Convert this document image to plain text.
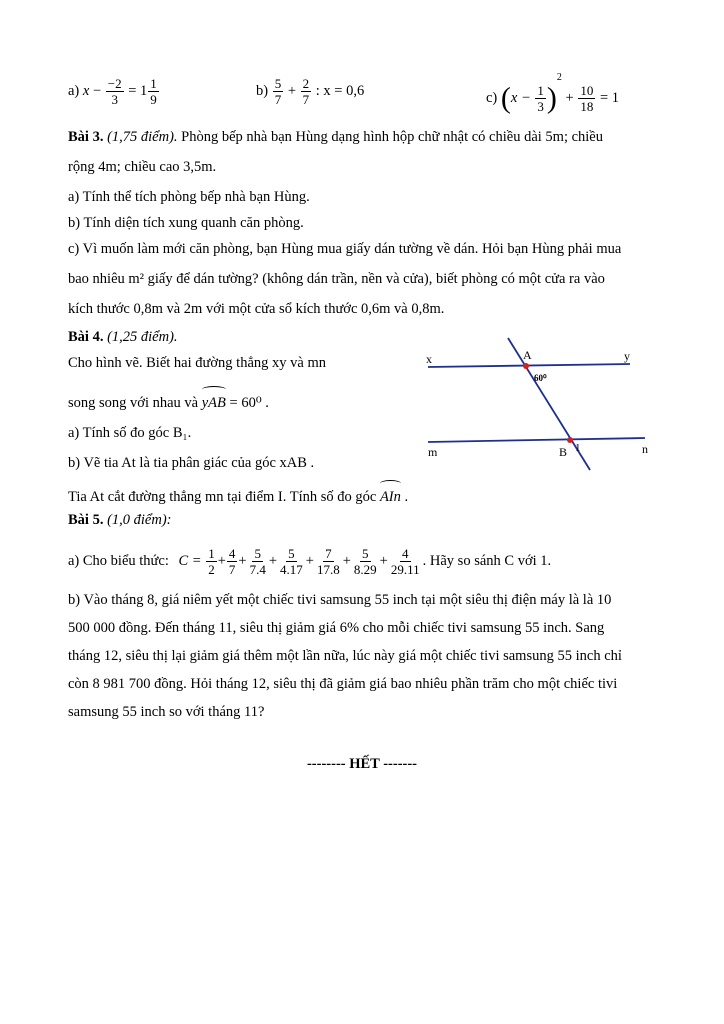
a) $x - \frac{-2}{3} = 1 \frac{1}{9}$	$b) \frac{5}{7} + \frac{2}{7}$ : x = 0,6	c) $(x - \frac{1}{3} )^2 + \frac{10}{18} = 1$
Bài 3. (1,75 điểm). Phòng bếp nhà bạn Hùng dạng hình hộp chữ nhật có chiều dài 5m; chiều
rộng 4m; chiều cao 3,5m.
a) Tính thể tích phòng bếp nhà bạn Hùng.
b) Tính diện tích xung quanh căn phòng.
c) Vì muốn làm mới căn phòng, bạn Hùng mua giấy dán tường về dán. Hỏi bạn Hùng phải mua
bao nhiêu m² giấy để dán tường? (không dán trần, nền và cửa), biết phòng có một cửa ra vào
kích thước 0,8m và 2m với một cửa sổ kích thước 0,6m và 0,8m.
Bài 4. (1,25 điểm).
Cho hình vẽ. Biết hai đường thẳng xy và mn
song song với nhau và yAB = 60⁰ .
a) Tính số đo góc B₁.
b) Vẽ tia At là tia phân giác của góc xAB .
Tia At cắt đường thẳng mn tại điểm I. Tính số đo góc AIn .
x	y
A
60⁰
m	n
B 1
Bài 5. (1,0 điểm):
a) Cho biểu thức: $C = \frac{1}{2} + \frac{4}{7} + \frac{5}{7.4} + \frac{5}{4.17} + \frac{7}{17.8} + \frac{5}{8.29} + \frac{4}{29.11}$ . Hãy so sánh C với 1.
b) Vào tháng 8, giá niêm yết một chiếc tivi samsung 55 inch tại một siêu thị điện máy là là 10
500 000 đồng. Đến tháng 11, siêu thị giảm giá 6% cho mỗi chiếc tivi samsung 55 inch. Sang
tháng 12, siêu thị lại giảm giá thêm một lần nữa, lúc này giá một chiếc tivi samsung 55 inch chỉ
còn 8 981 700 đồng. Hỏi tháng 12, siêu thị đã giảm giá bao nhiêu phần trăm cho một chiếc tivi
samsung 55 inch so với tháng 11?
-------- HẾT -------
